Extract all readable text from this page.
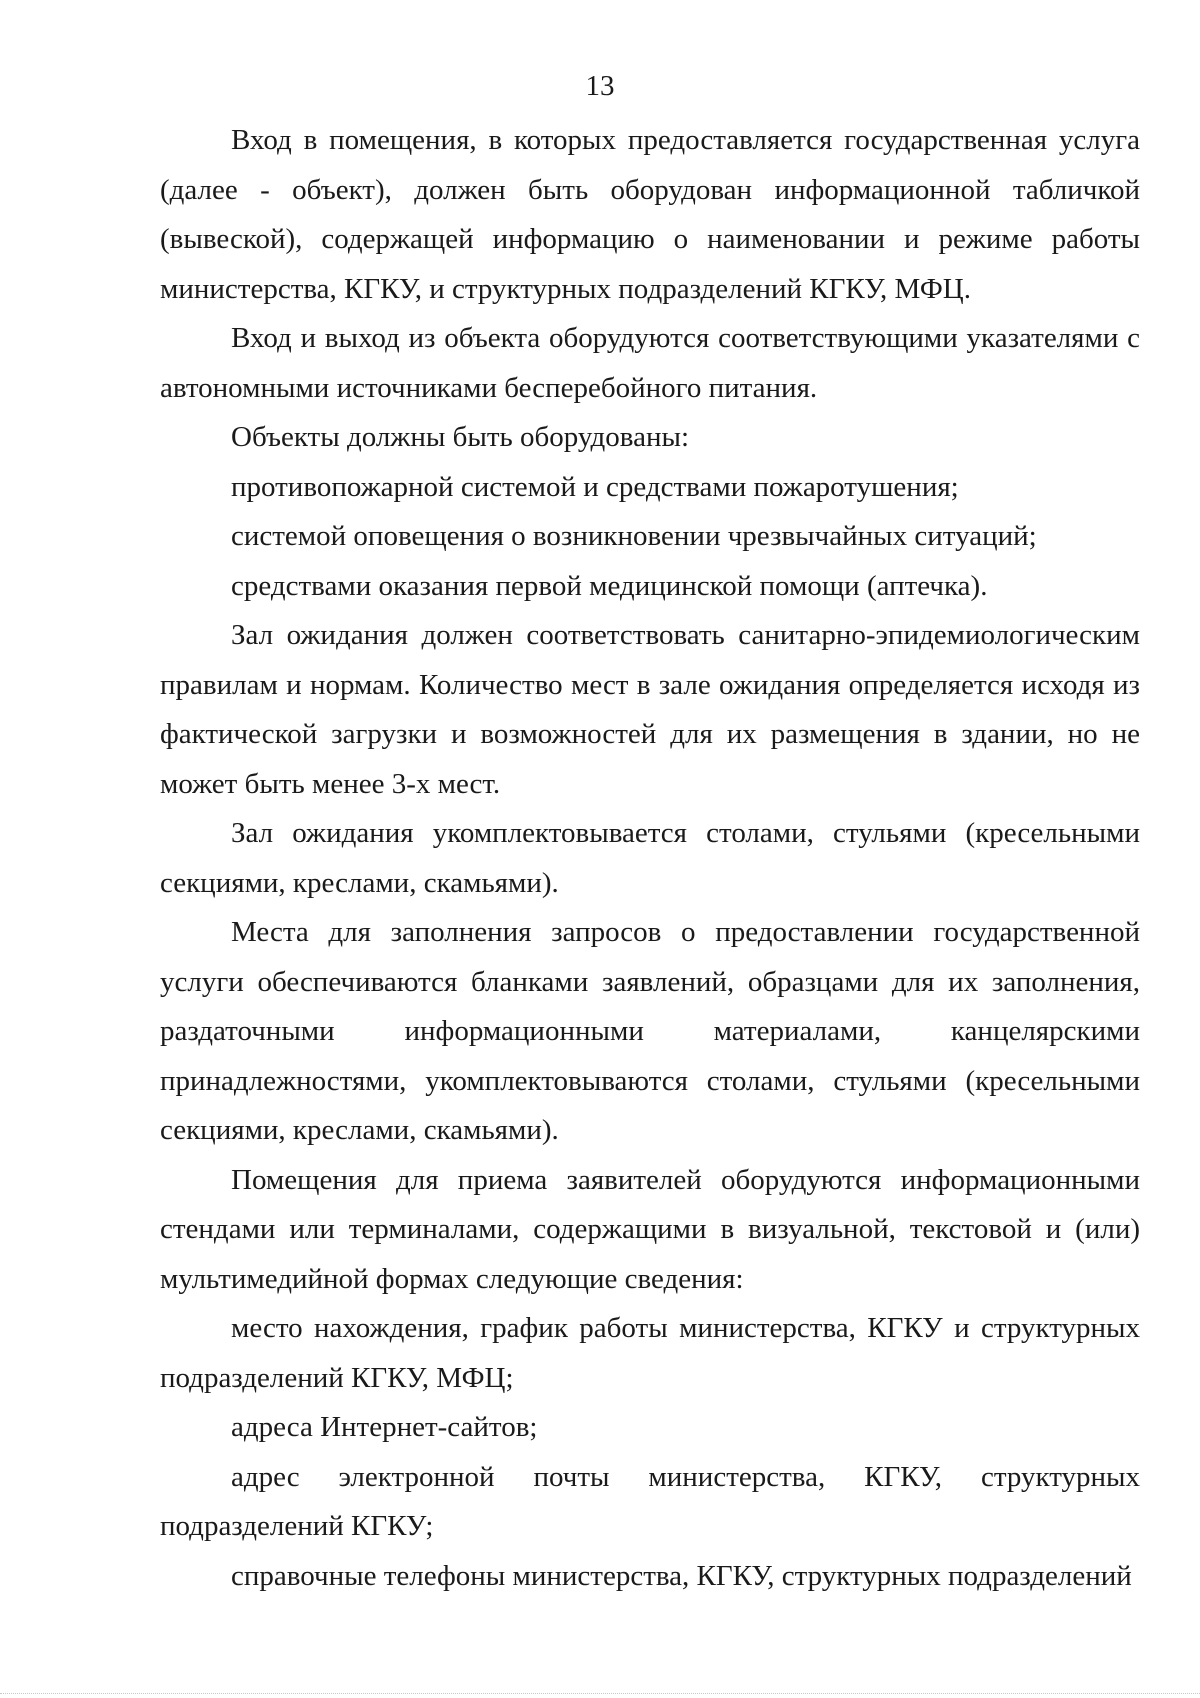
13

Вход в помещения, в которых предоставляется государственная услуга (далее - объект), должен быть оборудован информационной табличкой (вывеской), содержащей информацию о наименовании и режиме работы министерства, КГКУ, и структурных подразделений КГКУ, МФЦ.

Вход и выход из объекта оборудуются соответствующими указателями с автономными источниками бесперебойного питания.

Объекты должны быть оборудованы:

противопожарной системой и средствами пожаротушения;

системой оповещения о возникновении чрезвычайных ситуаций;

средствами оказания первой медицинской помощи (аптечка).

Зал ожидания должен соответствовать санитарно-эпидемиологическим правилам и нормам. Количество мест в зале ожидания определяется исходя из фактической загрузки и возможностей для их размещения в здании, но не может быть менее 3-х мест.

Зал ожидания укомплектовывается столами, стульями (кресельными секциями, креслами, скамьями).

Места для заполнения запросов о предоставлении государственной услуги обеспечиваются бланками заявлений, образцами для их заполнения, раздаточными информационными материалами, канцелярскими принадлежностями, укомплектовываются столами, стульями (кресельными секциями, креслами, скамьями).

Помещения для приема заявителей оборудуются информационными стендами или терминалами, содержащими в визуальной, текстовой и (или) мультимедийной формах следующие сведения:

место нахождения, график работы министерства, КГКУ и структурных подразделений КГКУ, МФЦ;

адреса Интернет-сайтов;

адрес электронной почты министерства, КГКУ, структурных подразделений КГКУ;

справочные телефоны министерства, КГКУ, структурных подразделений
